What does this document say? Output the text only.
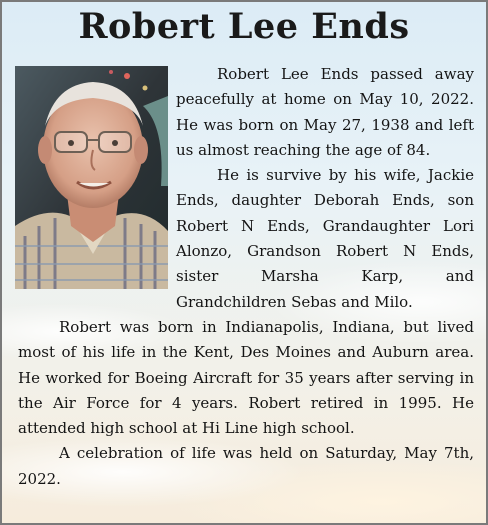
Robert Lee Ends

Robert Lee Ends passed away peacefully at home on May 10, 2022. He was born on May 27, 1938 and left us almost reaching the age of 84.

He is survive by his wife, Jackie Ends, daughter Deborah Ends, son Robert N Ends, Grandaughter Lori Alonzo, Grandson Robert N Ends, sister Marsha Karp, and Grandchildren Sebas and Milo.

Robert was born in Indianapolis, Indiana, but lived most of his life in the Kent, Des Moines and Auburn area. He worked for Boeing Aircraft for 35 years after serving in the Air Force for 4 years. Robert retired in 1995. He attended high school at Hi Line high school.

A celebration of life was held on Saturday, May 7th, 2022.
